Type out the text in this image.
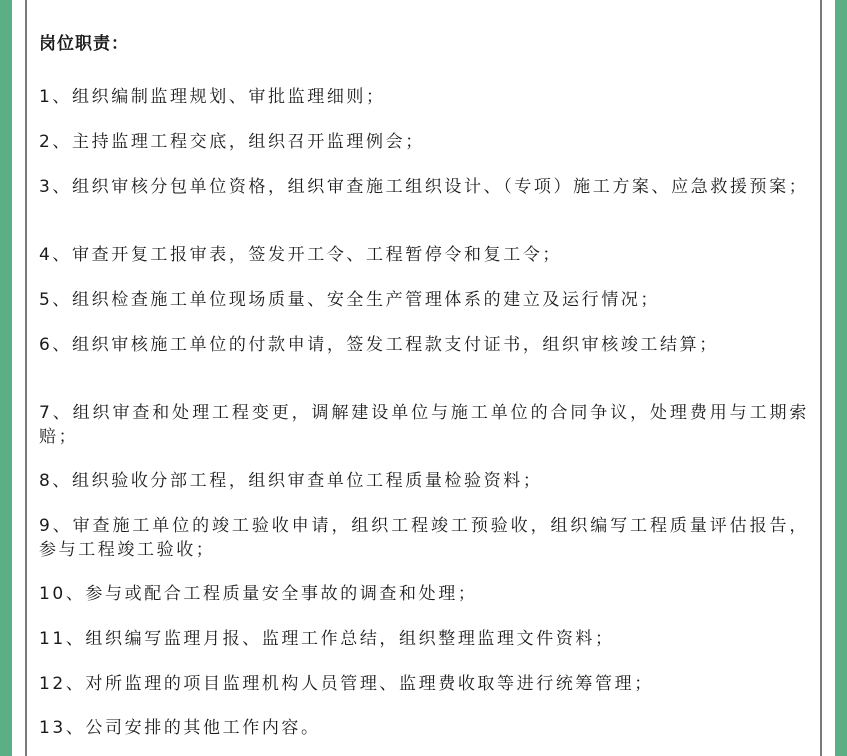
岗位职责：
1、组织编制监理规划、审批监理细则；
2、主持监理工程交底，组织召开监理例会；
3、组织审核分包单位资格，组织审查施工组织设计、（专项）施工方案、应急救援预案；
4、审查开复工报审表，签发开工令、工程暂停令和复工令；
5、组织检查施工单位现场质量、安全生产管理体系的建立及运行情况；
6、组织审核施工单位的付款申请，签发工程款支付证书，组织审核竣工结算；
7、组织审查和处理工程变更，调解建设单位与施工单位的合同争议，处理费用与工期索赔；
8、组织验收分部工程，组织审查单位工程质量检验资料；
9、审查施工单位的竣工验收申请，组织工程竣工预验收，组织编写工程质量评估报告，参与工程竣工验收；
10、参与或配合工程质量安全事故的调查和处理；
11、组织编写监理月报、监理工作总结，组织整理监理文件资料；
12、对所监理的项目监理机构人员管理、监理费收取等进行统筹管理；
13、公司安排的其他工作内容。
